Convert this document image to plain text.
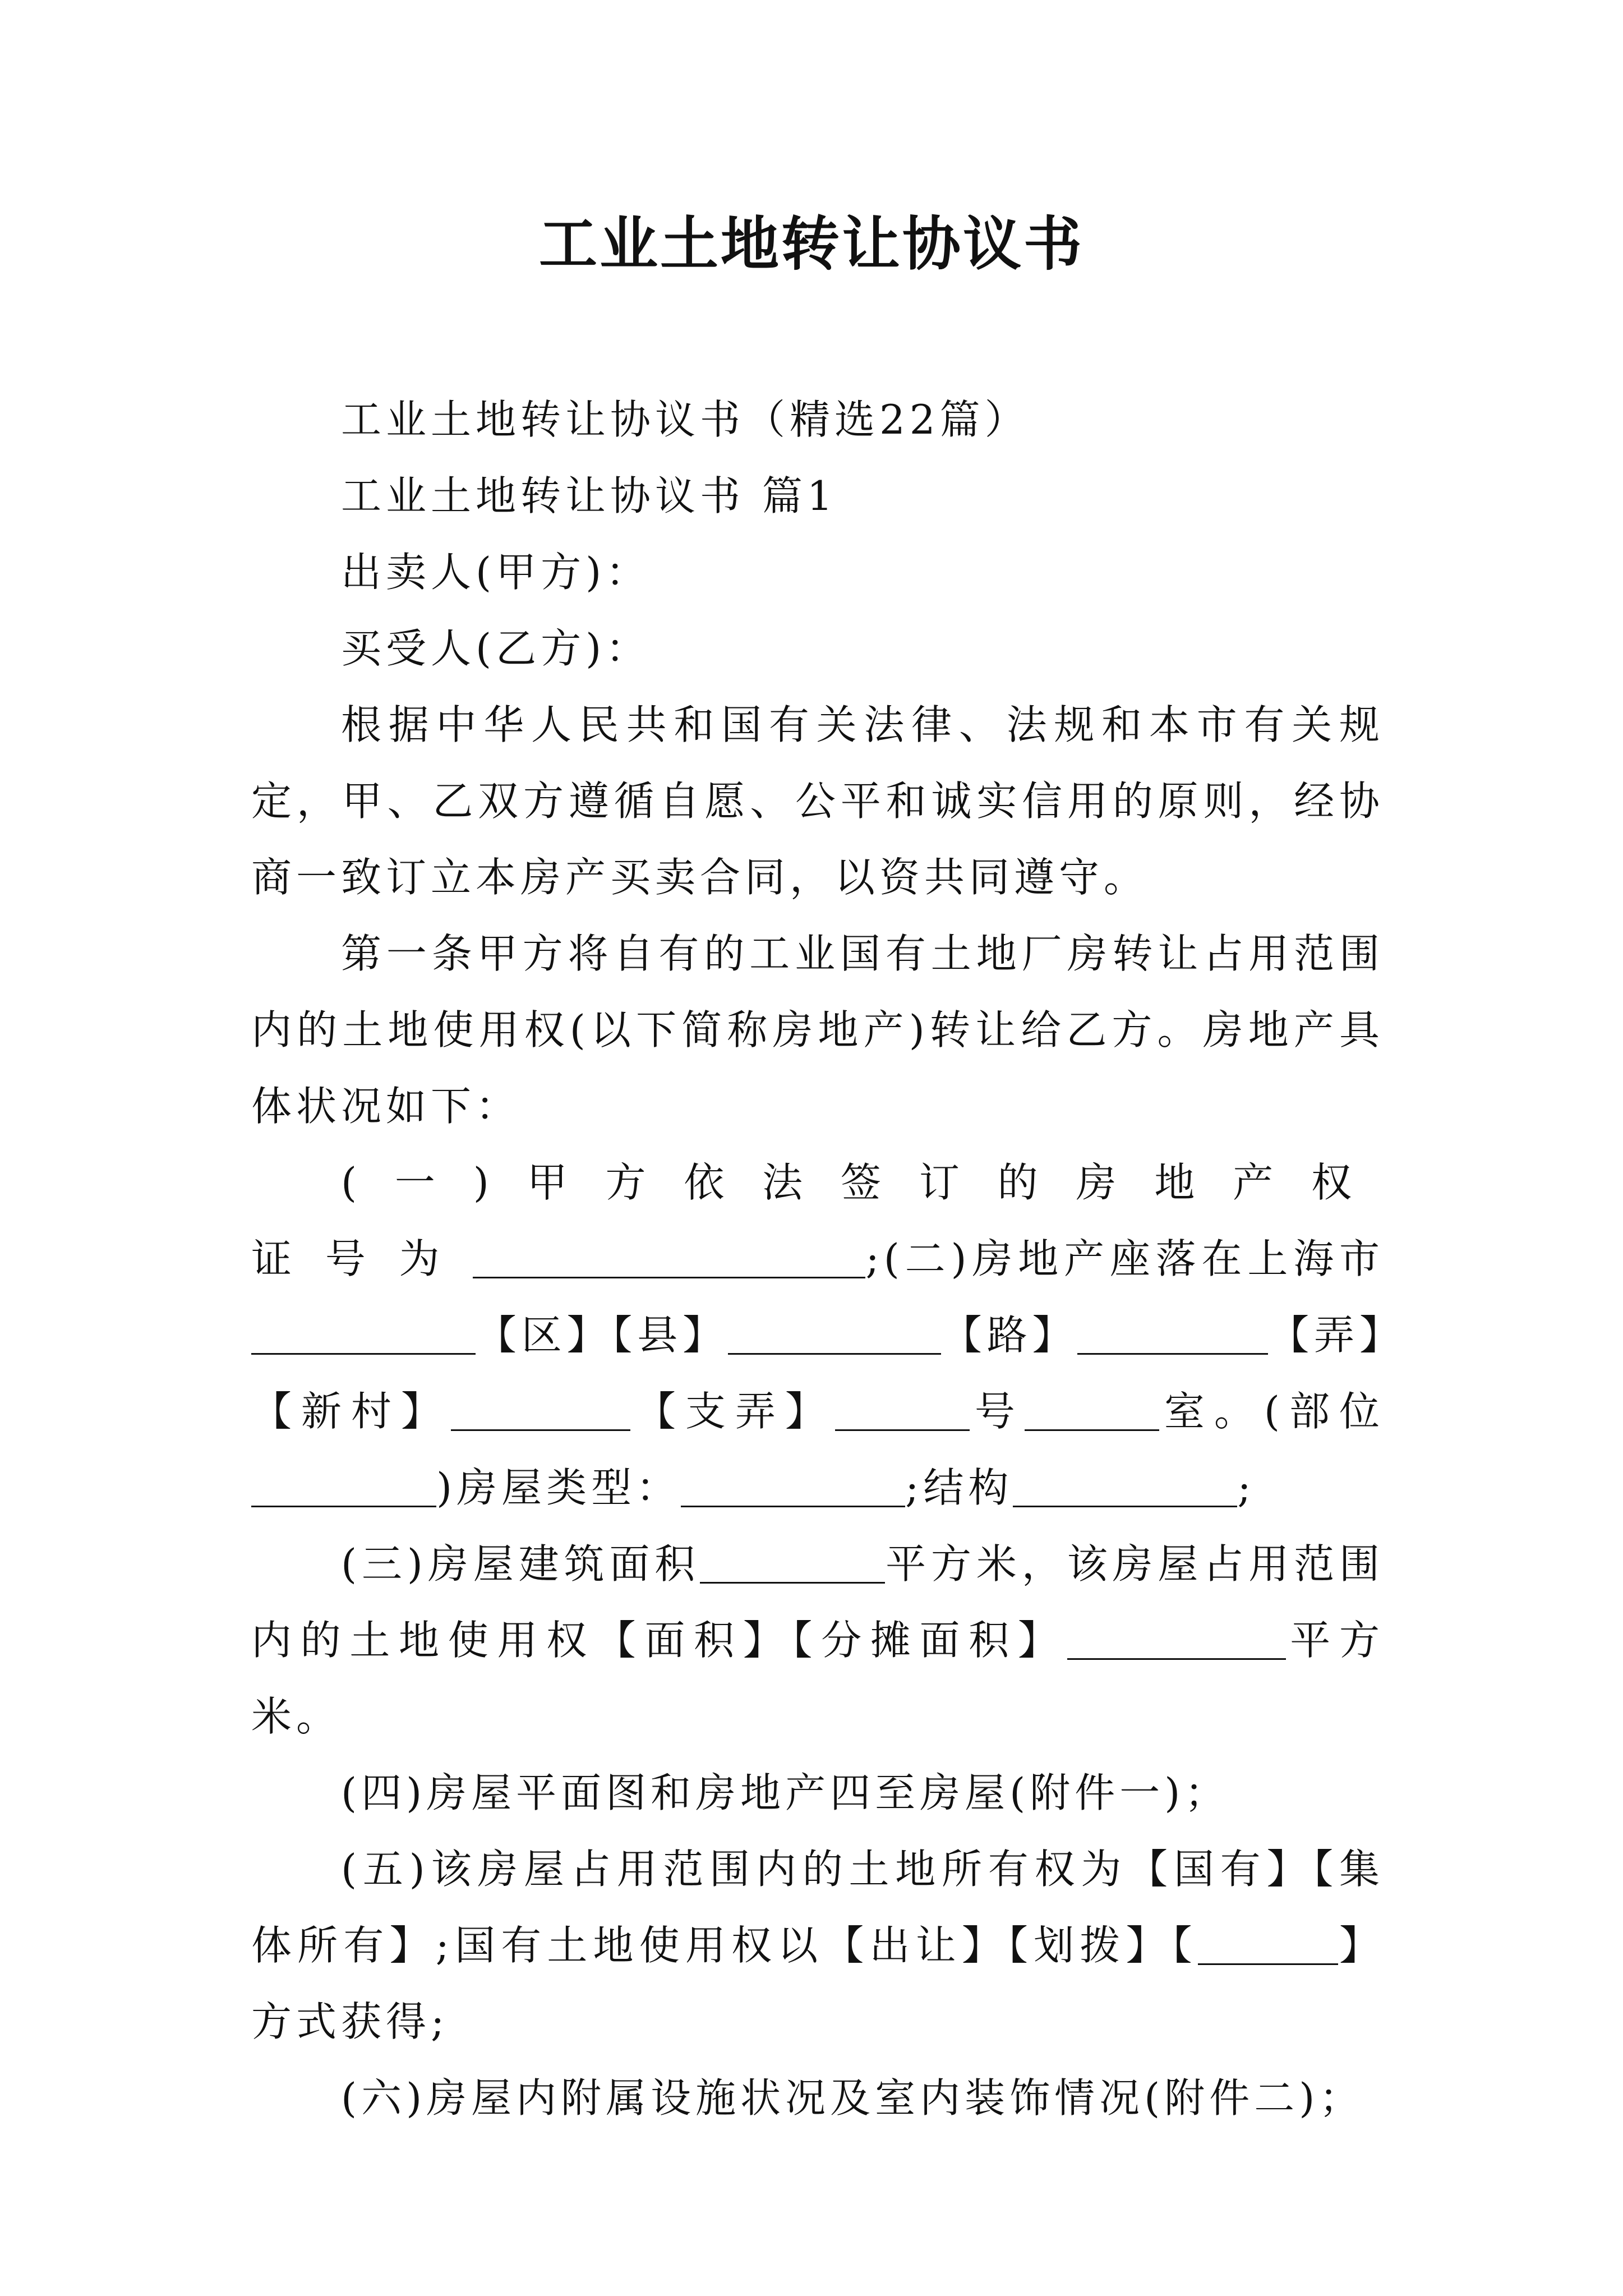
工业土地转让协议书

工业土地转让协议书（精选22篇）

工业土地转让协议书 篇1

出卖人(甲方)：

买受人(乙方)：

根据中华人民共和国有关法律、法规和本市有关规定，甲、乙双方遵循自愿、公平和诚实信用的原则，经协商一致订立本房产买卖合同，以资共同遵守。

第一条甲方将自有的工业国有土地厂房转让占用范围内的土地使用权(以下简称房地产)转让给乙方。房地产具体状况如下：

(一)甲方依法签订的房地产权证号为	;(二)房地产座落在上海市【区】【县】	【路】	【弄】【新村】	【支弄】	号	室。(部位)房屋类型：	;结构	;

(三)房屋建筑面积	平方米，该房屋占用范围内的土地使用权【面积】【分摊面积】	平方米。

(四)房屋平面图和房地产四至房屋(附件一)；

(五)该房屋占用范围内的土地所有权为【国有】【集体所有】;国有土地使用权以【出让】【划拨】【	】方式获得;

(六)房屋内附属设施状况及室内装饰情况(附件二)；
